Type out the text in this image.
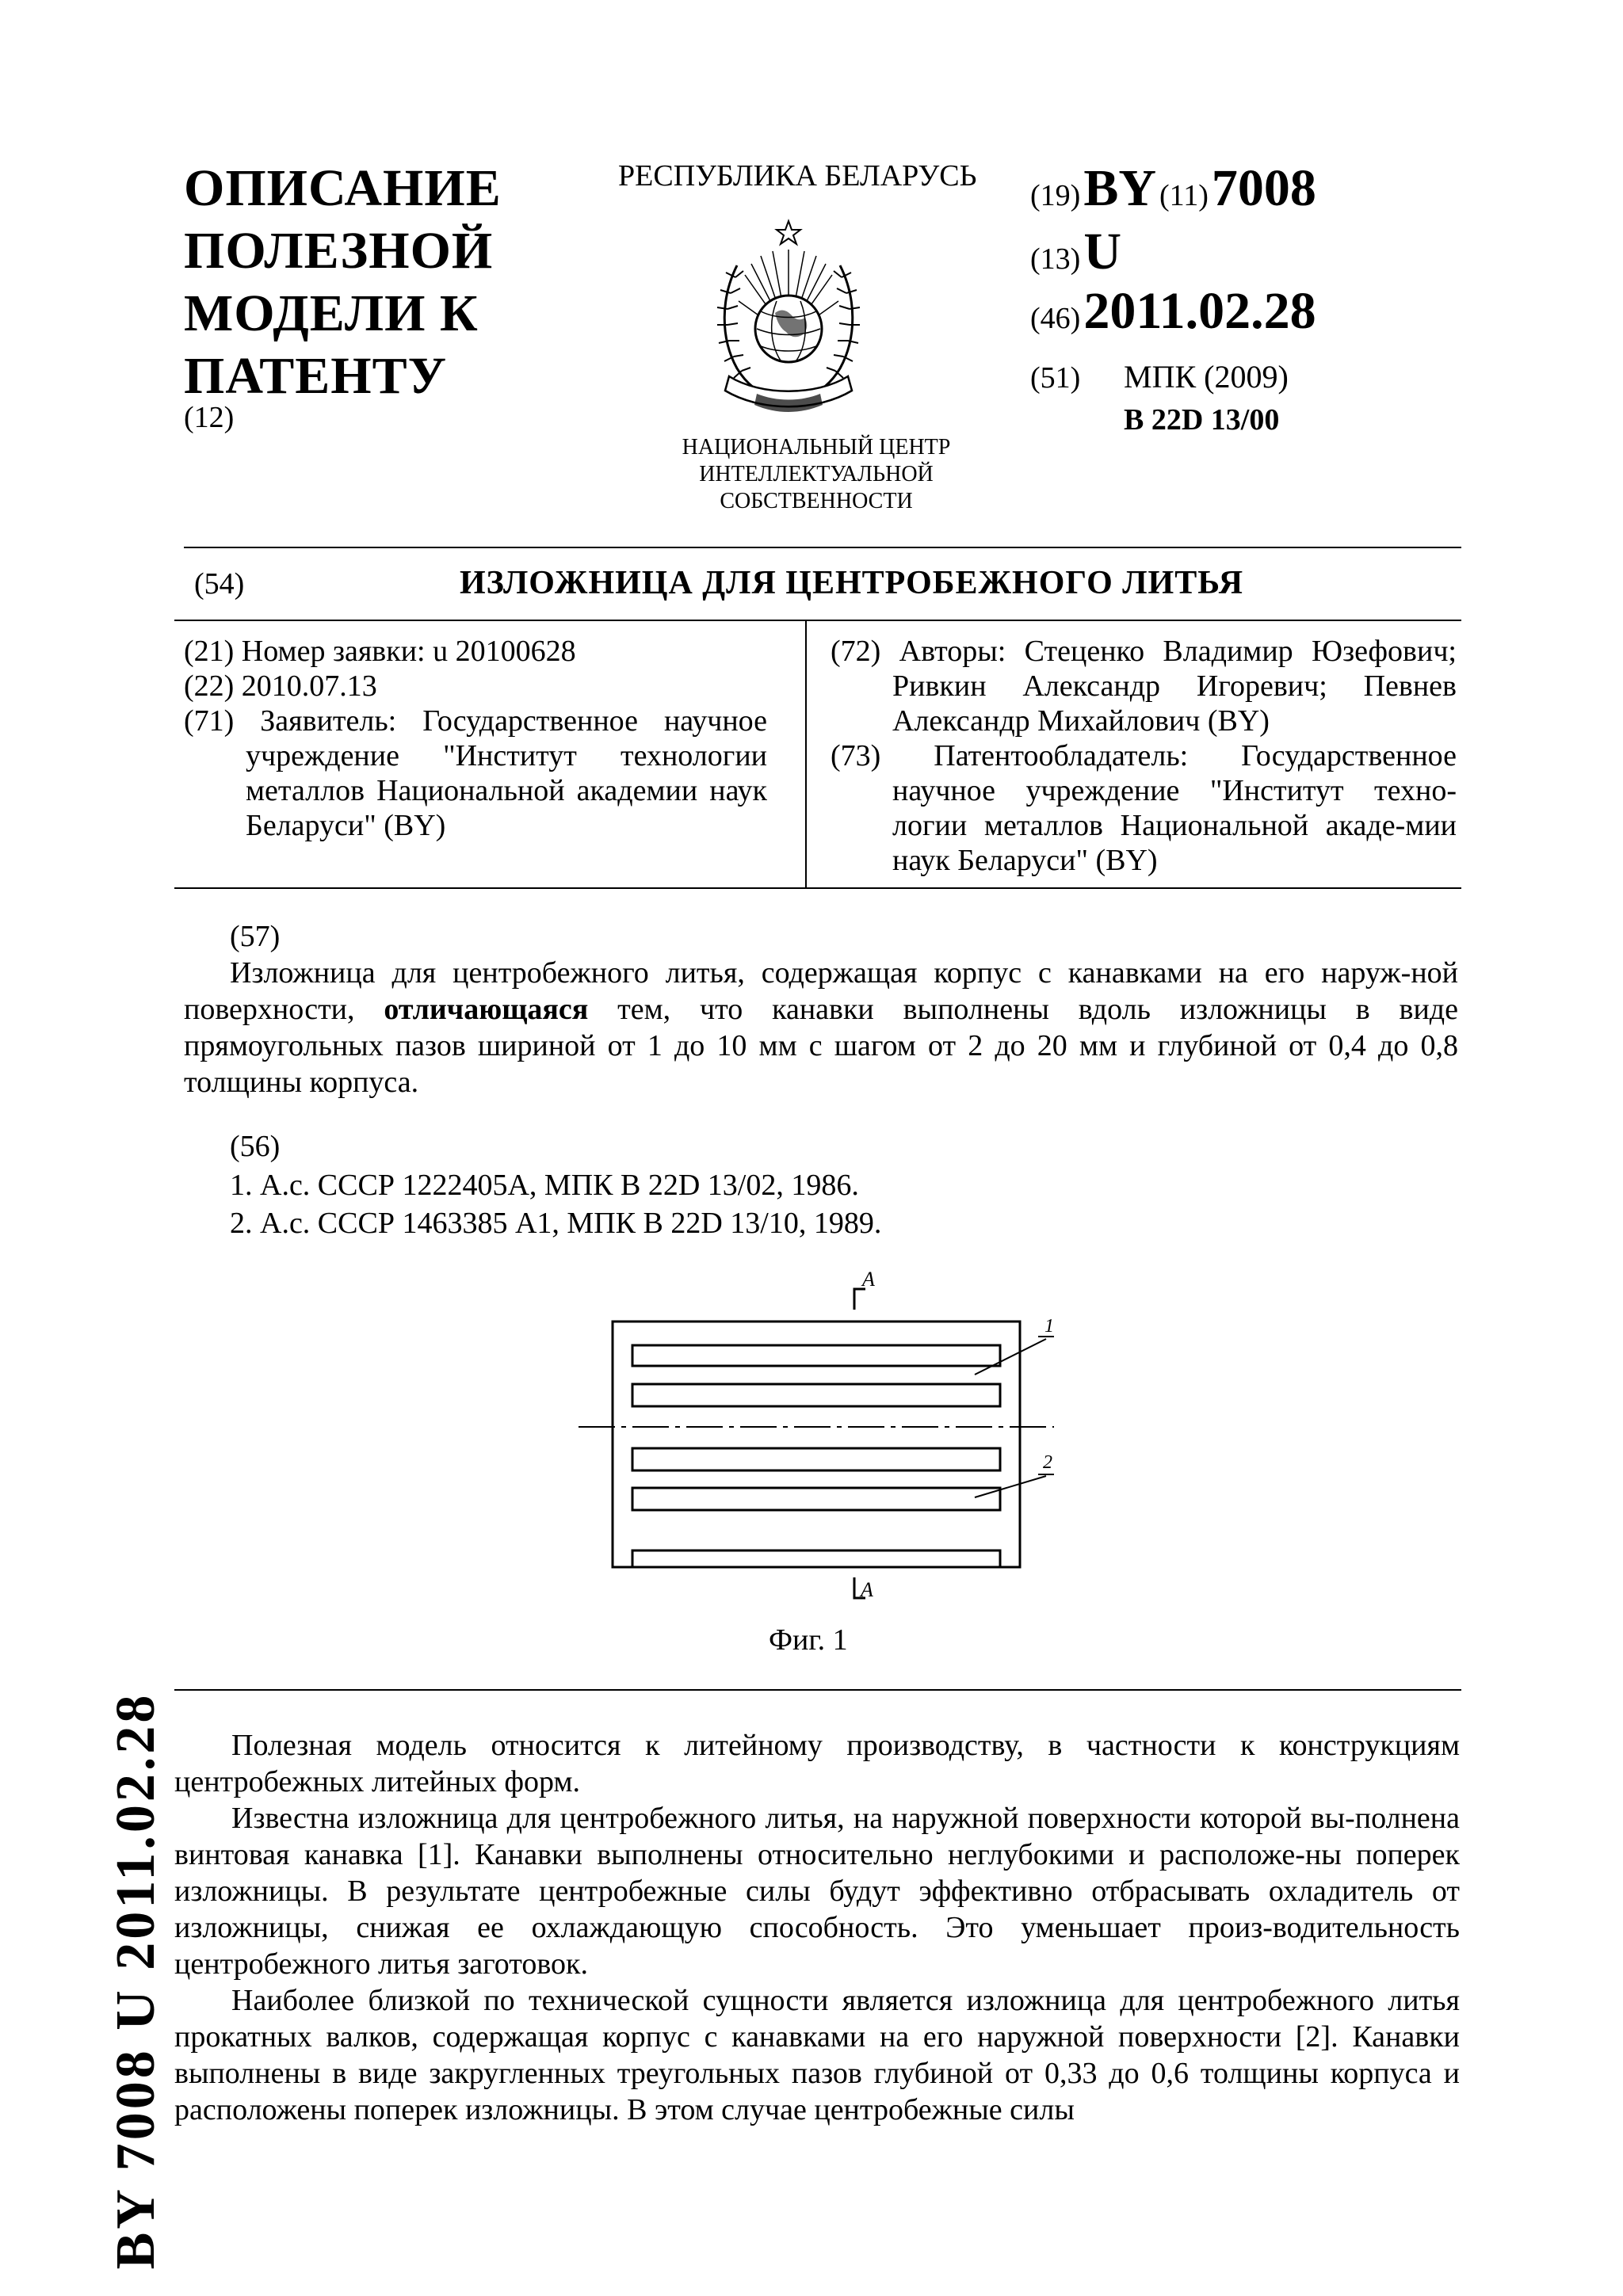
ОПИСАНИЕ
ПОЛЕЗНОЙ
МОДЕЛИ К
ПАТЕНТУ
(12)
РЕСПУБЛИКА БЕЛАРУСЬ
НАЦИОНАЛЬНЫЙ ЦЕНТР
ИНТЕЛЛЕКТУАЛЬНОЙ
СОБСТВЕННОСТИ
(19) BY (11) 7008
(13) U
(46) 2011.02.28
(51) МПК (2009)
B 22D 13/00
(54)	ИЗЛОЖНИЦА ДЛЯ ЦЕНТРОБЕЖНОГО ЛИТЬЯ
(21) Номер заявки: u 20100628
(22) 2010.07.13
(71) Заявитель: Государственное научное учреждение "Институт технологии металлов Национальной академии наук Беларуси" (BY)
(72) Авторы: Стеценко Владимир Юзефович; Ривкин Александр Игоревич; Певнев Александр Михайлович (BY)
(73) Патентообладатель: Государственное научное учреждение "Институт техно-логии металлов Национальной акаде-мии наук Беларуси" (BY)
(57)
Изложница для центробежного литья, содержащая корпус с канавками на его наруж-ной поверхности, отличающаяся тем, что канавки выполнены вдоль изложницы в виде прямоугольных пазов шириной от 1 до 10 мм с шагом от 2 до 20 мм и глубиной от 0,4 до 0,8 толщины корпуса.
(56)
1. А.с. СССР 1222405А, МПК B 22D 13/02, 1986.
2. А.с. СССР 1463385 А1, МПК B 22D 13/10, 1989.
А
1
2
А
Фиг. 1

Полезная модель относится к литейному производству, в частности к конструкциям центробежных литейных форм.

Известна изложница для центробежного литья, на наружной поверхности которой вы-полнена винтовая канавка [1]. Канавки выполнены относительно неглубокими и расположе-ны поперек изложницы. В результате центробежные силы будут эффективно отбрасывать охладитель от изложницы, снижая ее охлаждающую способность. Это уменьшает произ-водительность центробежного литья заготовок.

Наиболее близкой по технической сущности является изложница для центробежного литья прокатных валков, содержащая корпус с канавками на его наружной поверхности [2]. Канавки выполнены в виде закругленных треугольных пазов глубиной от 0,33 до 0,6 толщины корпуса и расположены поперек изложницы. В этом случае центробежные силы

BY 7008 U 2011.02.28
